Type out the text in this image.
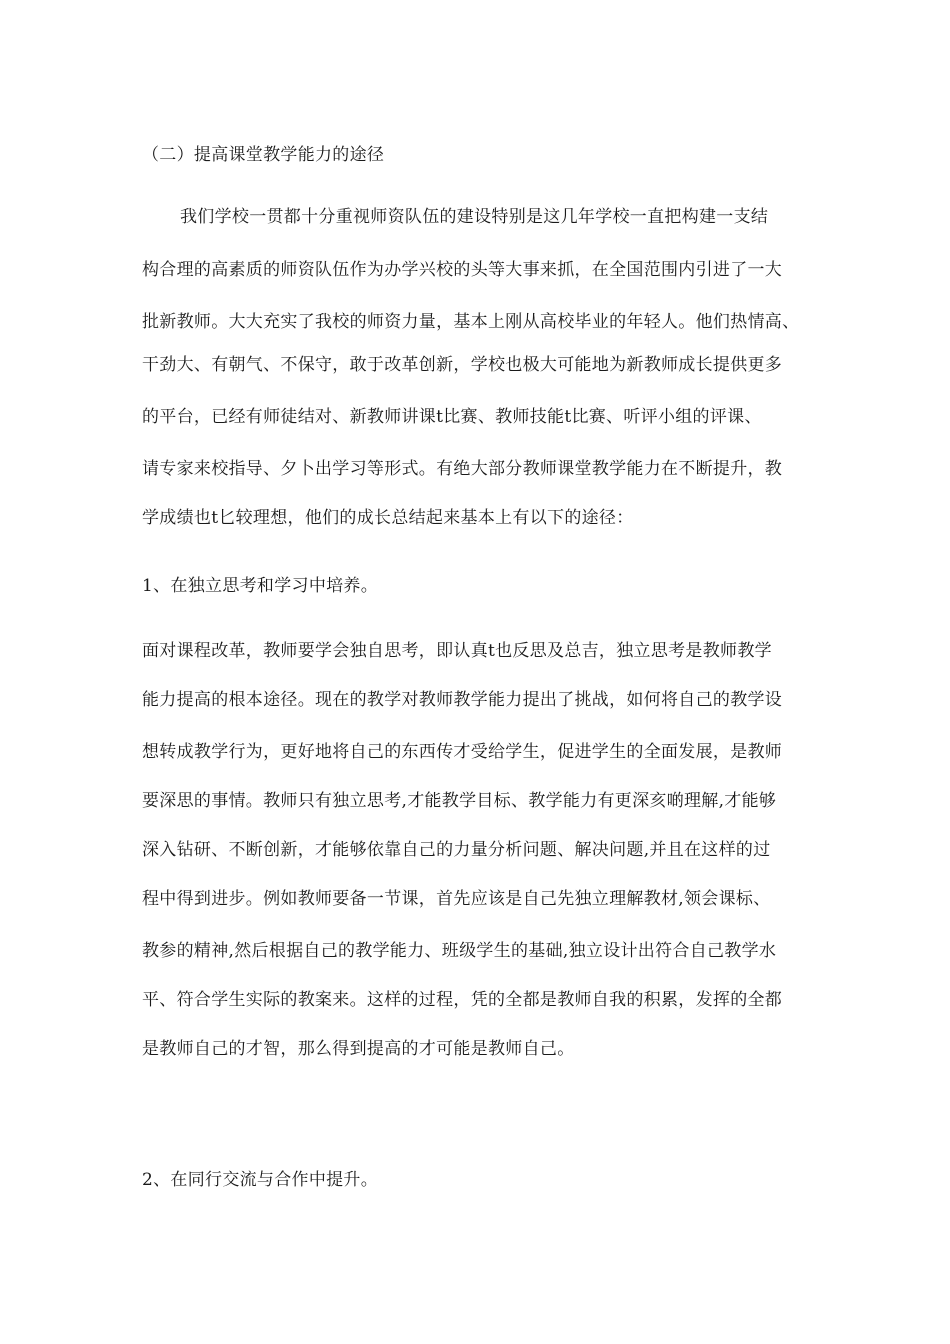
（二）提高课堂教学能力的途径
我们学校一贯都十分重视师资队伍的建设特别是这几年学校一直把构建一支结
构合理的高素质的师资队伍作为办学兴校的头等大事来抓，在全国范围内引进了一大
批新教师。大大充实了我校的师资力量，基本上刚从高校毕业的年轻人。他们热情高、
干劲大、有朝气、不保守，敢于改革创新，学校也极大可能地为新教师成长提供更多
的平台，已经有师徒结对、新教师讲课t比赛、教师技能t比赛、听评小组的评课、
请专家来校指导、夕卜出学习等形式。有绝大部分教师课堂教学能力在不断提升，教
学成绩也t匕较理想，他们的成长总结起来基本上有以下的途径：
1、在独立思考和学习中培养。
面对课程改革，教师要学会独自思考，即认真t也反思及总吉，独立思考是教师教学
能力提高的根本途径。现在的教学对教师教学能力提出了挑战，如何将自己的教学设
想转成教学行为，更好地将自己的东西传才受给学生，促进学生的全面发展，是教师
要深思的事情。教师只有独立思考,才能教学目标、教学能力有更深亥啲理解,才能够
深入钻研、不断创新，才能够依靠自己的力量分析问题、解决问题,并且在这样的过
程中得到进步。例如教师要备一节课，首先应该是自己先独立理解教材,领会课标、
教参的精神,然后根据自己的教学能力、班级学生的基础,独立设计出符合自己教学水
平、符合学生实际的教案来。这样的过程，凭的全都是教师自我的积累，发挥的全都
是教师自己的才智，那么得到提高的才可能是教师自己。
2、在同行交流与合作中提升。
